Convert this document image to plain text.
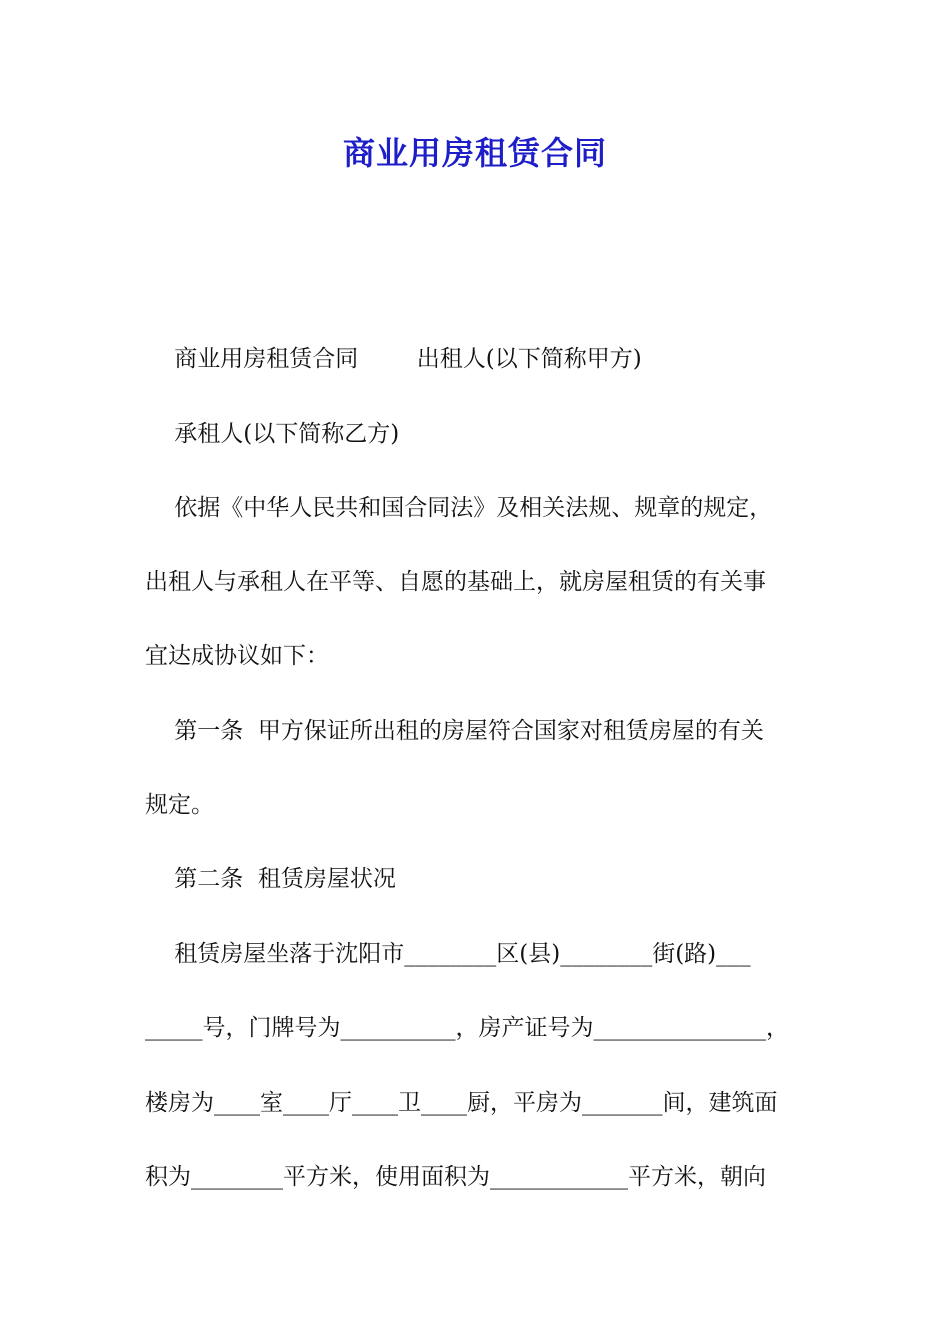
商业用房租赁合同

商业用房租赁合同        出租人(以下简称甲方)

承租人(以下简称乙方)

依据《中华人民共和国合同法》及相关法规、规章的规定，

出租人与承租人在平等、自愿的基础上，就房屋租赁的有关事

宜达成协议如下：

第一条  甲方保证所出租的房屋符合国家对租赁房屋的有关

规定。

第二条  租赁房屋状况

租赁房屋坐落于沈阳市________区(县)________街(路)___

_____号，门牌号为__________，房产证号为_______________，

楼房为____室____厅____卫____厨，平房为_______间，建筑面

积为________平方米，使用面积为____________平方米，朝向
